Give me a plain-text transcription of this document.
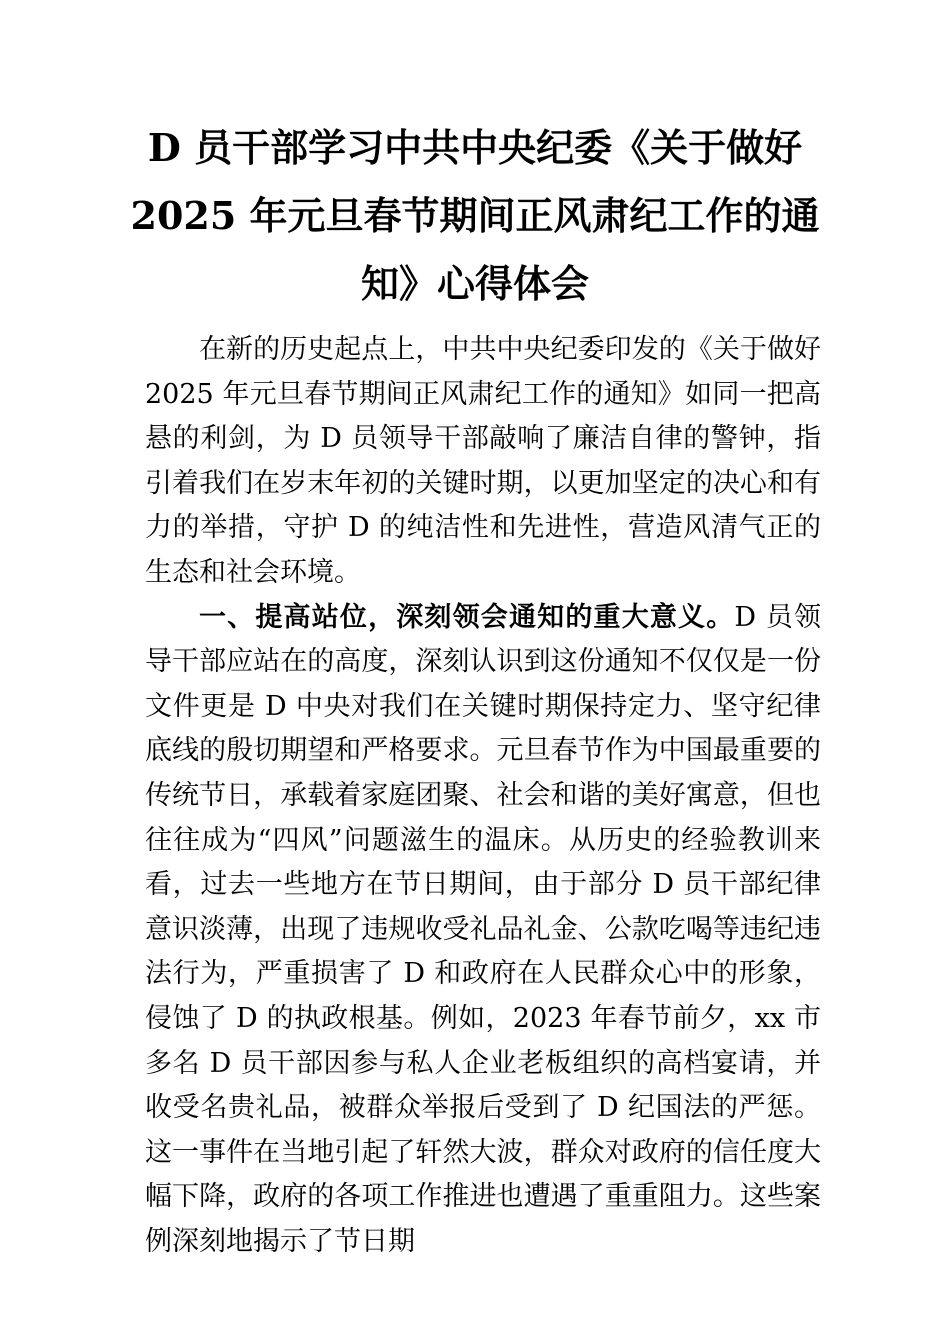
D 员干部学习中共中央纪委《关于做好
2025 年元旦春节期间正风肃纪工作的通
知》心得体会

在新的历史起点上，中共中央纪委印发的《关于做好 2025 年元旦春节期间正风肃纪工作的通知》如同一把高悬的利剑，为 D 员领导干部敲响了廉洁自律的警钟，指引着我们在岁末年初的关键时期，以更加坚定的决心和有力的举措，守护 D 的纯洁性和先进性，营造风清气正的生态和社会环境。

一、提高站位，深刻领会通知的重大意义。D 员领导干部应站在的高度，深刻认识到这份通知不仅仅是一份文件更是 D 中央对我们在关键时期保持定力、坚守纪律底线的殷切期望和严格要求。元旦春节作为中国最重要的传统节日，承载着家庭团聚、社会和谐的美好寓意，但也往往成为“四风”问题滋生的温床。从历史的经验教训来看，过去一些地方在节日期间，由于部分 D 员干部纪律意识淡薄，出现了违规收受礼品礼金、公款吃喝等违纪违法行为，严重损害了 D 和政府在人民群众心中的形象，侵蚀了 D 的执政根基。例如，2023 年春节前夕，xx 市多名 D 员干部因参与私人企业老板组织的高档宴请，并收受名贵礼品，被群众举报后受到了 D 纪国法的严惩。这一事件在当地引起了轩然大波，群众对政府的信任度大幅下降，政府的各项工作推进也遭遇了重重阻力。这些案例深刻地揭示了节日期
